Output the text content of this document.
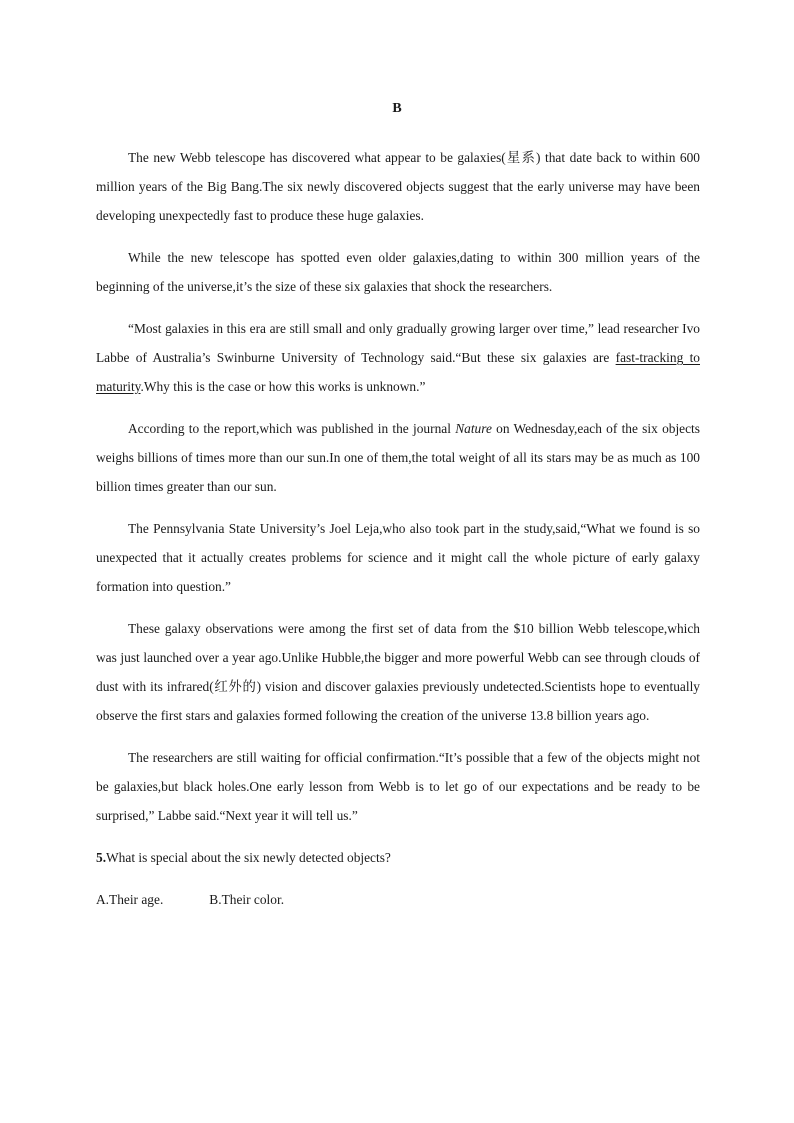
B

The new Webb telescope has discovered what appear to be galaxies(星系) that date back to within 600 million years of the Big Bang.The six newly discovered objects suggest that the early universe may have been developing unexpectedly fast to produce these huge galaxies.

While the new telescope has spotted even older galaxies,dating to within 300 million years of the beginning of the universe,it’s the size of these six galaxies that shock the researchers.

“Most galaxies in this era are still small and only gradually growing larger over time,” lead researcher Ivo Labbe of Australia’s Swinburne University of Technology said.“But these six galaxies are fast-tracking to maturity.Why this is the case or how this works is unknown.”

According to the report,which was published in the journal Nature on Wednesday,each of the six objects weighs billions of times more than our sun.In one of them,the total weight of all its stars may be as much as 100 billion times greater than our sun.

The Pennsylvania State University’s Joel Leja,who also took part in the study,said,“What we found is so unexpected that it actually creates problems for science and it might call the whole picture of early galaxy formation into question.”

These galaxy observations were among the first set of data from the $10 billion Webb telescope,which was just launched over a year ago.Unlike Hubble,the bigger and more powerful Webb can see through clouds of dust with its infrared(红外的) vision and discover galaxies previously undetected.Scientists hope to eventually observe the first stars and galaxies formed following the creation of the universe 13.8 billion years ago.

The researchers are still waiting for official confirmation.“It’s possible that a few of the objects might not be galaxies,but black holes.One early lesson from Webb is to let go of our expectations and be ready to be surprised,” Labbe said.“Next year it will tell us.”

5.What is special about the six newly detected objects?

A.Their age.	B.Their color.
